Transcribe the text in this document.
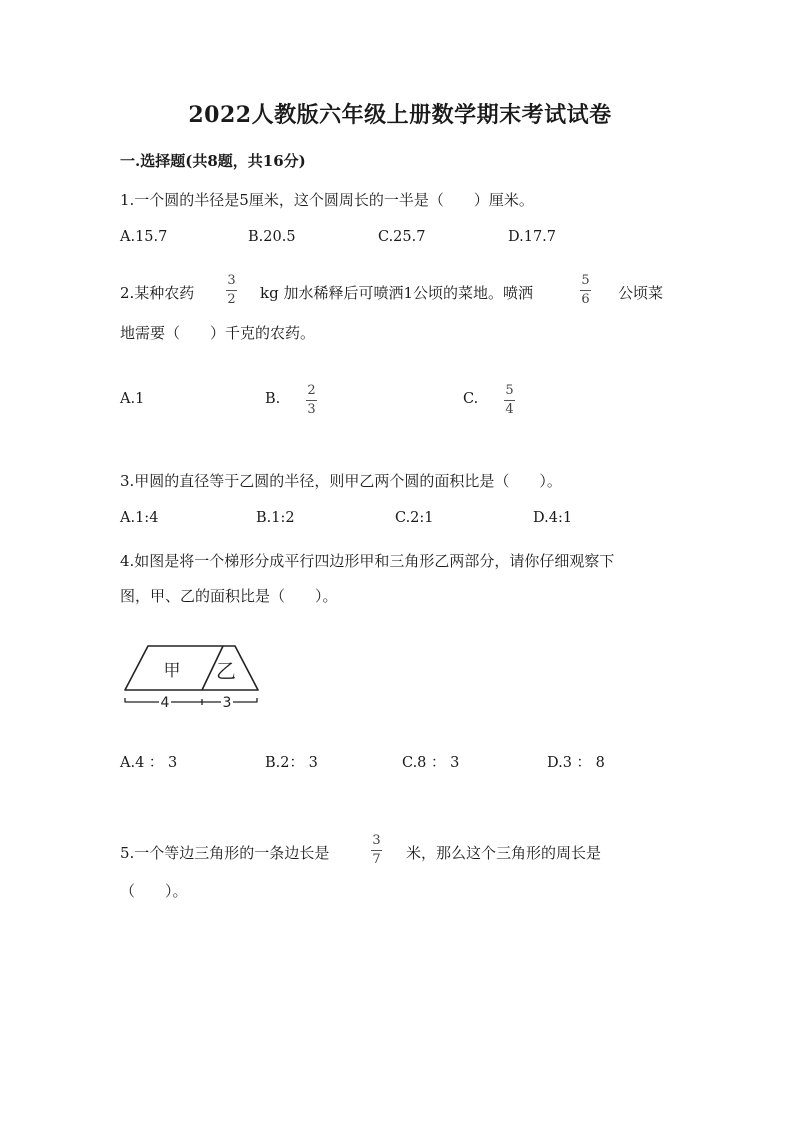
2022人教版六年级上册数学期末考试试卷
一.选择题(共8题，共16分)
1.一个圆的半径是5厘米，这个圆周长的一半是（　　）厘米。
A.15.7	B.20.5	C.25.7	D.17.7
2.某种农药
3
2 kg 加水稀释后可喷洒1公顷的菜地。喷洒
5
6 公顷菜
地需要（　　）千克的农药。
A.1	B.
2
3
C.
5
4
3.甲圆的直径等于乙圆的半径，则甲乙两个圆的面积比是（　　）。
A.1:4	B.1:2	C.2:1	D.4:1
4.如图是将一个梯形分成平行四边形甲和三角形乙两部分，请你仔细观察下
图，甲、乙的面积比是（　　）。
甲 乙
4	3
A.4 ： 3	B.2： 3	C.8 ： 3	D.3 ： 8
5.一个等边三角形的一条边长是
3
7 米，那么这个三角形的周长是
（　　）。
